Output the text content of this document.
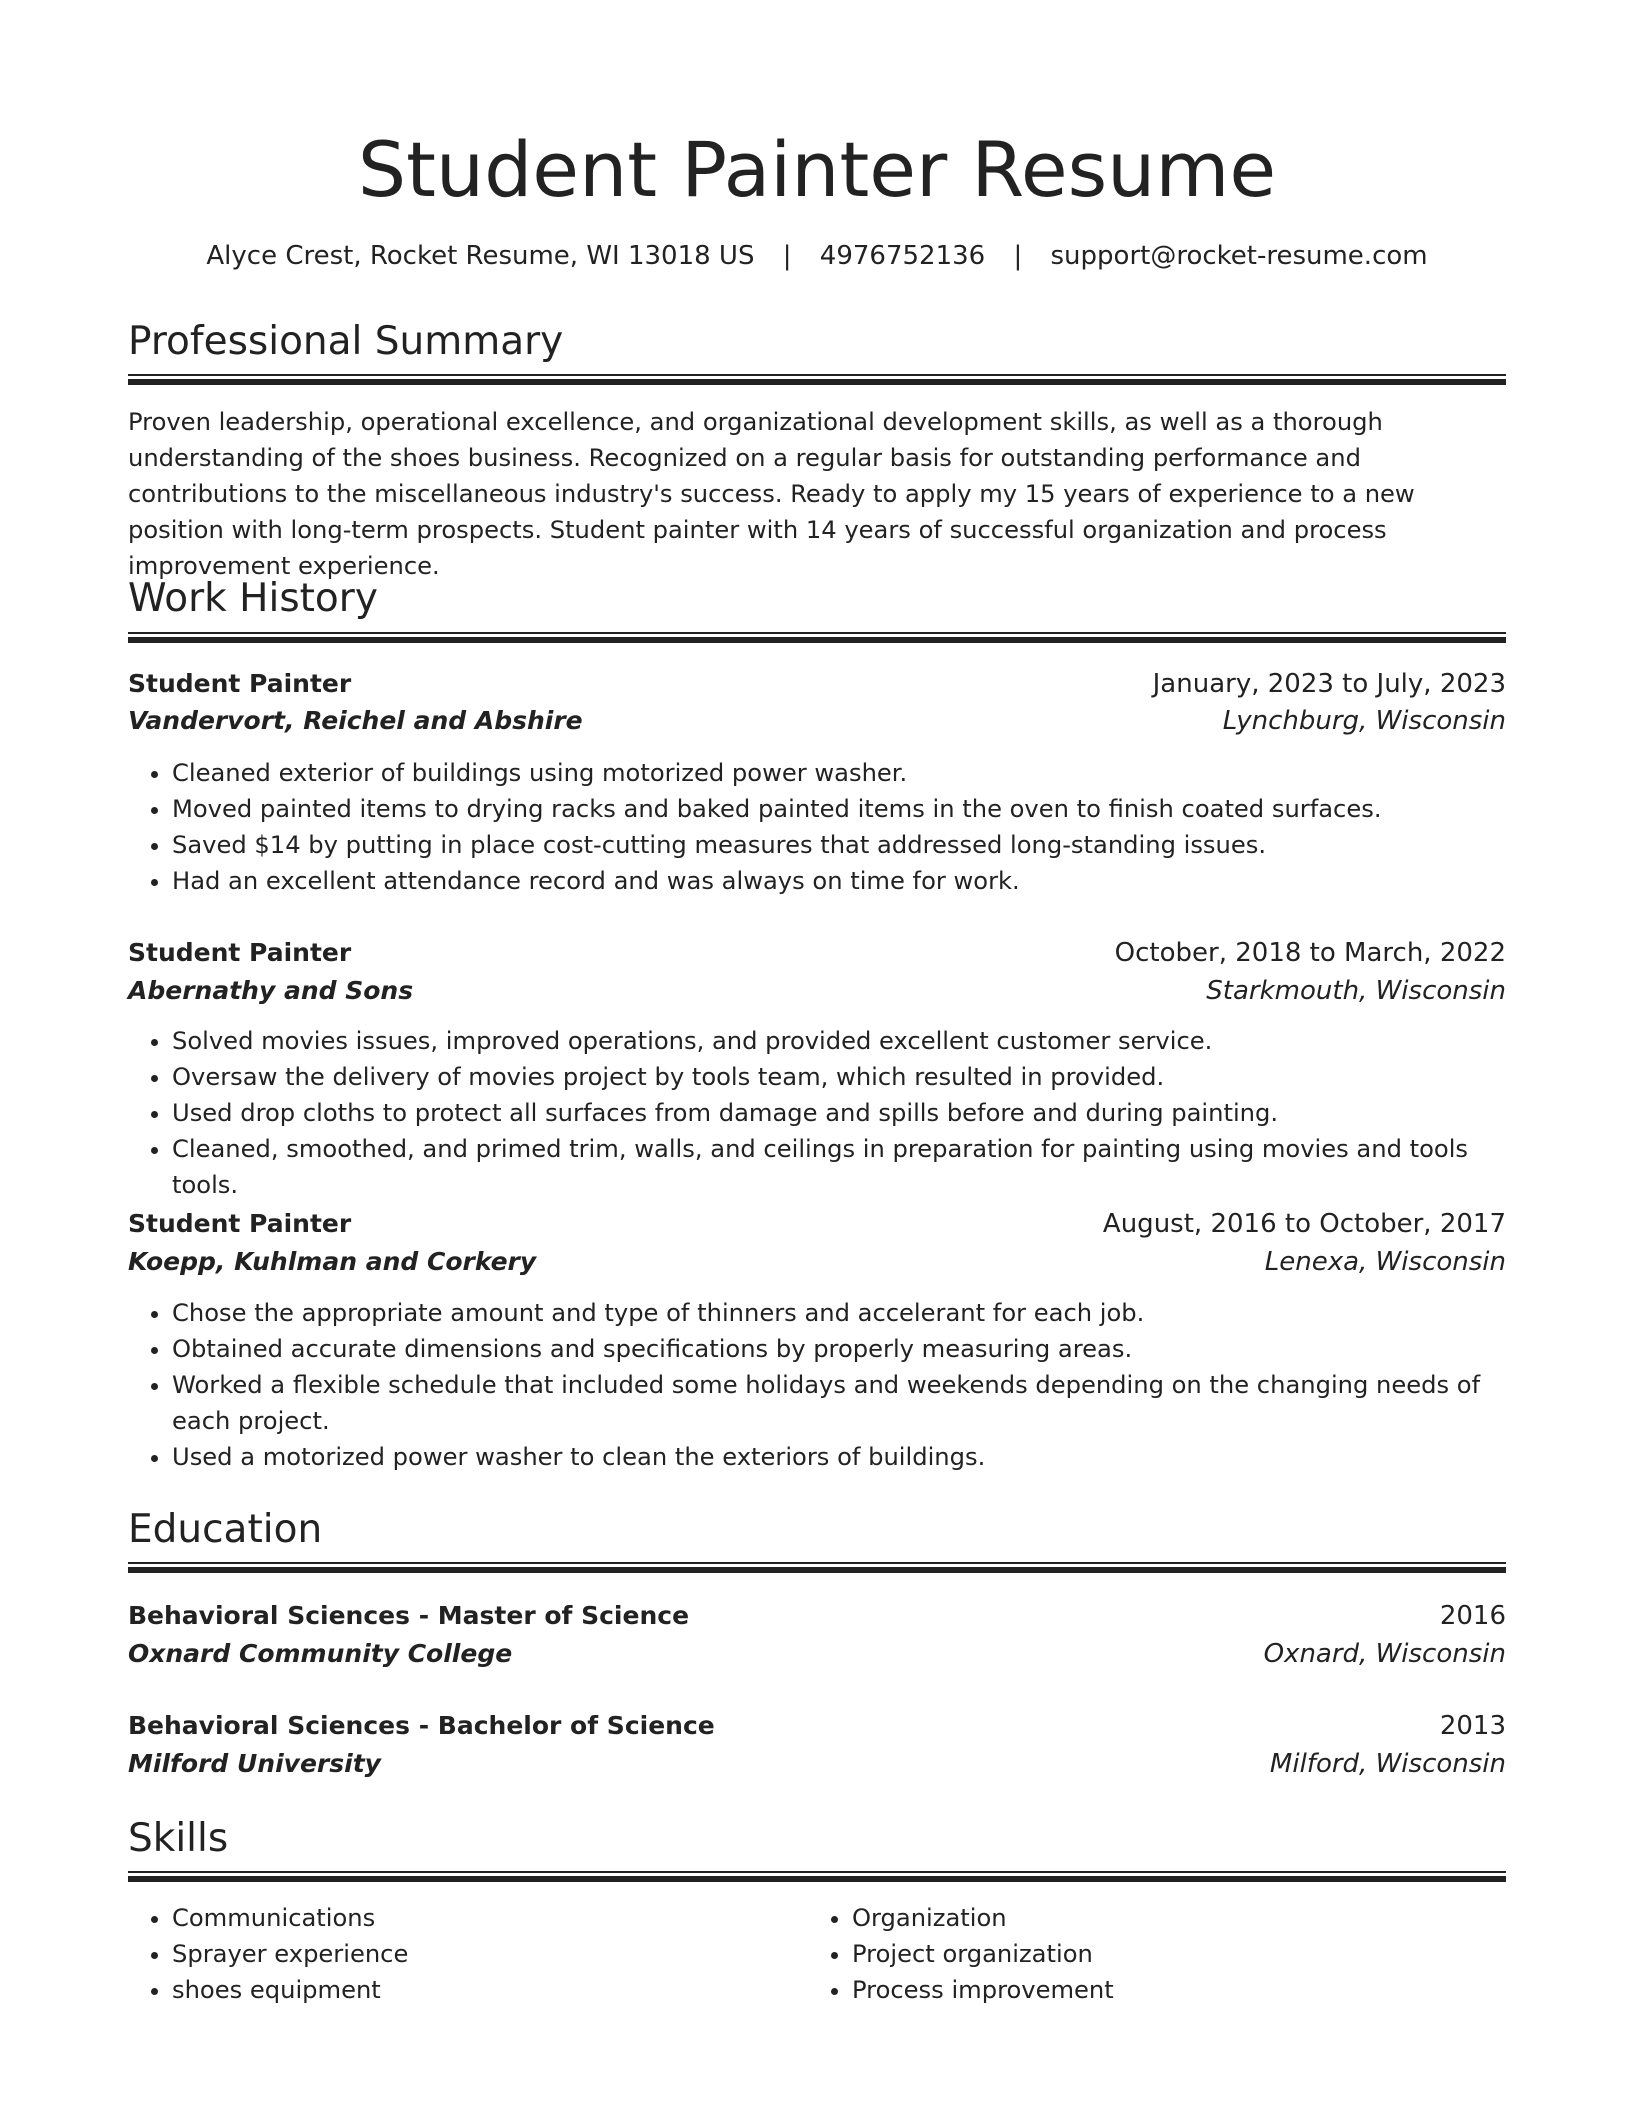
Student Painter Resume
Alyce Crest, Rocket Resume, WI 13018 US | 4976752136 | support@rocket-resume.com
Professional Summary

Proven leadership, operational excellence, and organizational development skills, as well as a thorough understanding of the shoes business. Recognized on a regular basis for outstanding performance and contributions to the miscellaneous industry's success. Ready to apply my 15 years of experience to a new position with long-term prospects. Student painter with 14 years of successful organization and process improvement experience.

Work History
Student Painter	January, 2023 to July, 2023
Vandervort, Reichel and Abshire	Lynchburg, Wisconsin
• Cleaned exterior of buildings using motorized power washer.
• Moved painted items to drying racks and baked painted items in the oven to finish coated surfaces.
• Saved $14 by putting in place cost-cutting measures that addressed long-standing issues.
• Had an excellent attendance record and was always on time for work.
Student Painter	October, 2018 to March, 2022
Abernathy and Sons	Starkmouth, Wisconsin
• Solved movies issues, improved operations, and provided excellent customer service.
• Oversaw the delivery of movies project by tools team, which resulted in provided.
• Used drop cloths to protect all surfaces from damage and spills before and during painting.
• Cleaned, smoothed, and primed trim, walls, and ceilings in preparation for painting using movies and tools tools.
Student Painter	August, 2016 to October, 2017
Koepp, Kuhlman and Corkery	Lenexa, Wisconsin
• Chose the appropriate amount and type of thinners and accelerant for each job.
• Obtained accurate dimensions and specifications by properly measuring areas.
• Worked a flexible schedule that included some holidays and weekends depending on the changing needs of each project.
• Used a motorized power washer to clean the exteriors of buildings.
Education
Behavioral Sciences - Master of Science	2016
Oxnard Community College	Oxnard, Wisconsin
Behavioral Sciences - Bachelor of Science	2013
Milford University	Milford, Wisconsin
Skills
• Communications
• Sprayer experience
• shoes equipment
• Organization
• Project organization
• Process improvement
